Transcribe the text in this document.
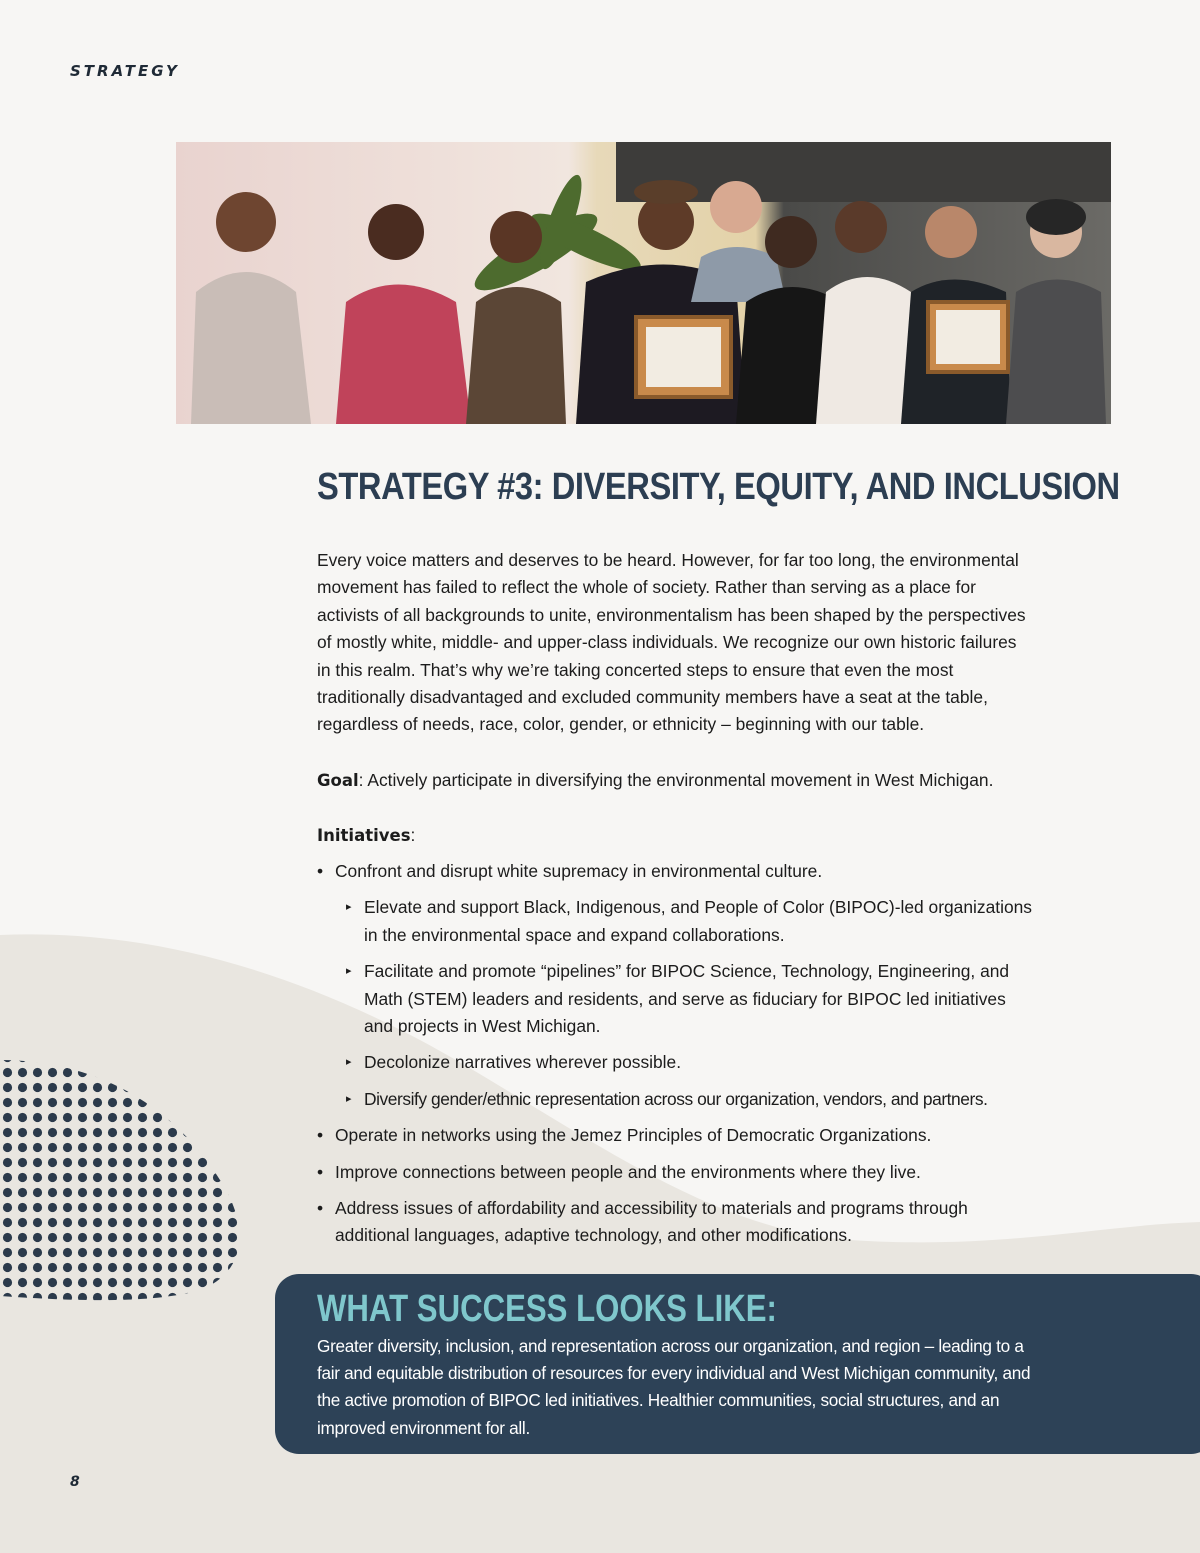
STRATEGY
STRATEGY #3: DIVERSITY, EQUITY, AND INCLUSION
Every voice matters and deserves to be heard. However, for far too long, the environmental movement has failed to reflect the whole of society. Rather than serving as a place for activists of all backgrounds to unite, environmentalism has been shaped by the perspectives of mostly white, middle- and upper-class individuals. We recognize our own historic failures in this realm. That’s why we’re taking concerted steps to ensure that even the most traditionally disadvantaged and excluded community members have a seat at the table, regardless of needs, race, color, gender, or ethnicity – beginning with our table.
Goal: Actively participate in diversifying the environmental movement in West Michigan.
Initiatives:
• Confront and disrupt white supremacy in environmental culture.
▸ Elevate and support Black, Indigenous, and People of Color (BIPOC)-led organizations in the environmental space and expand collaborations.
▸ Facilitate and promote “pipelines” for BIPOC Science, Technology, Engineering, and Math (STEM) leaders and residents, and serve as fiduciary for BIPOC led initiatives and projects in West Michigan.
▸ Decolonize narratives wherever possible.
▸ Diversify gender/ethnic representation across our organization, vendors, and partners.
• Operate in networks using the Jemez Principles of Democratic Organizations.
• Improve connections between people and the environments where they live.
• Address issues of affordability and accessibility to materials and programs through additional languages, adaptive technology, and other modifications.
WHAT SUCCESS LOOKS LIKE:
Greater diversity, inclusion, and representation across our organization, and region – leading to a fair and equitable distribution of resources for every individual and West Michigan community, and the active promotion of BIPOC led initiatives. Healthier communities, social structures, and an improved environment for all.
8
